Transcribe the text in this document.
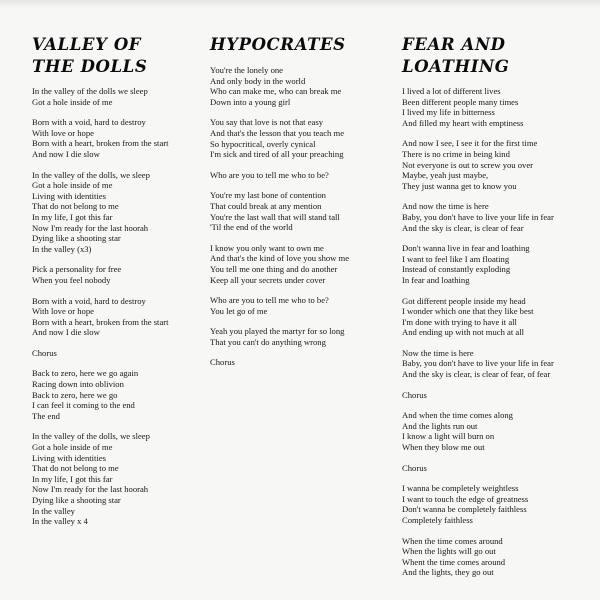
VALLEY OF
THE DOLLS
In the valley of the dolls we sleep
Got a hole inside of me
Born with a void, hard to destroy
With love or hope
Born with a heart, broken from the start
And now I die slow
In the valley of the dolls, we sleep
Got a hole inside of me
Living with identities
That do not belong to me
In my life, I got this far
Now I'm ready for the last hoorah
Dying like a shooting star
In the valley (x3)
Pick a personality for free
When you feel nobody
Born with a void, hard to destroy
With love or hope
Born with a heart, broken from the start
And now I die slow
Chorus
Back to zero, here we go again
Racing down into oblivion
Back to zero, here we go
I can feel it coming to the end
The end
In the valley of the dolls, we sleep
Got a hole inside of me
Living with identities
That do not belong to me
In my life, I got this far
Now I'm ready for the last hoorah
Dying like a shooting star
In the valley
In the valley x 4
HYPOCRATES
You're the lonely one
And only body in the world
Who can make me, who can break me
Down into a young girl
You say that love is not that easy
And that's the lesson that you teach me
So hypocritical, overly cynical
I'm sick and tired of all your preaching
Who are you to tell me who to be?
You're my last bone of contention
That could break at any mention
You're the last wall that will stand tall
'Til the end of the world
I know you only want to own me
And that's the kind of love you show me
You tell me one thing and do another
Keep all your secrets under cover
Who are you to tell me who to be?
You let go of me
Yeah you played the martyr for so long
That you can't do anything wrong
Chorus
FEAR AND
LOATHING
I lived a lot of different lives
Been different people many times
I lived my life in bitterness
And filled my heart with emptiness
And now I see, I see it for the first time
There is no crime in being kind
Not everyone is out to screw you over
Maybe, yeah just maybe,
They just wanna get to know you
And now the time is here
Baby, you don't have to live your life in fear
And the sky is clear, is clear of fear
Don't wanna live in fear and loathing
I want to feel like I am floating
Instead of constantly exploding
In fear and loathing
Got different people inside my head
I wonder which one that they like best
I'm done with trying to have it all
And ending up with not much at all
Now the time is here
Baby, you don't have to live your life in fear
And the sky is clear, is clear of fear, of fear
Chorus
And when the time comes along
And the lights run out
I know a light will burn on
When they blow me out
Chorus
I wanna be completely weightless
I want to touch the edge of greatness
Don't wanna be completely faithless
Completely faithless
When the time comes around
When the lights will go out
Whent the time comes around
And the lights, they go out
